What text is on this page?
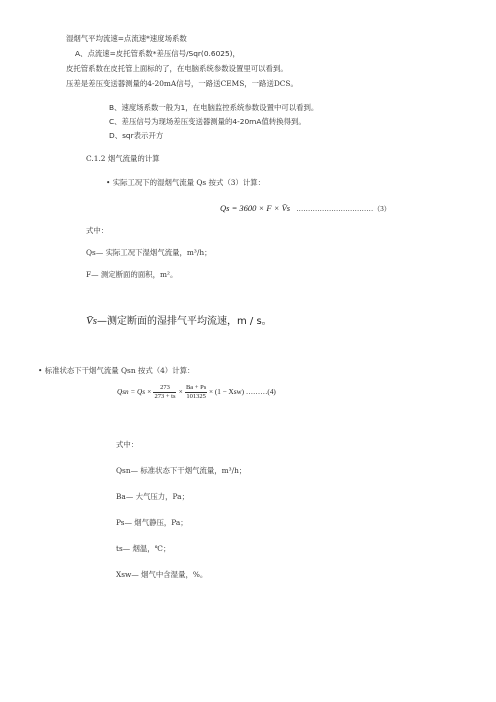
湿烟气平均流速=点流速*速度场系数
A、点流速=皮托管系数*差压信号/Sqr(0.6025)，
皮托管系数在皮托管上面标的了，在电脑系统参数设置里可以看到。
压差是差压变送器测量的4-20mA信号，一路送CEMS，一路送DCS。
B、速度场系数一般为1，在电脑监控系统参数设置中可以看到。
C、差压信号为现场差压变送器测量的4-20mA值转换得到。
D、sqr表示开方
C.1.2 烟气流量的计算
• 实际工况下的湿烟气流量 Qs 按式（3）计算：
Qs = 3600 × F × V̄s ……………………………（3）
式中：
Qs— 实际工况下湿烟气流量，m³/h；
F— 测定断面的面积，m²。
V̄s—测定断面的湿排气平均流速，m / s。
• 标准状态下干烟气流量 Qsn 按式（4）计算：
Qsn = $Qs \times \frac{273}{273 + ts} \times \frac{Ba + Ps}{101325} \times (1 - Xsw)$ ………(4)
式中：
Qsn— 标准状态下干烟气流量，m³/h；
Ba— 大气压力，Pa；
Ps— 烟气静压，Pa；
ts— 烟温，℃；
Xsw— 烟气中含湿量，%。
